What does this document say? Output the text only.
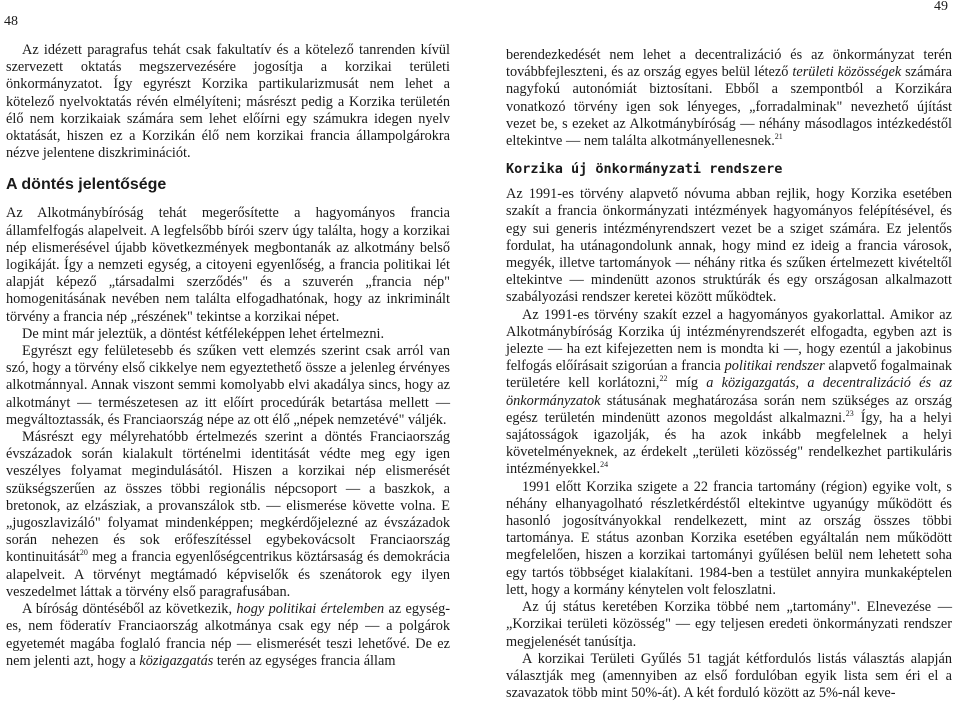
48
49

Az idézett paragrafus tehát csak fakultatív és a kötelező tanrenden kívül szervezett oktatás megszervezésére jogosítja a korzikai területi önkormányzatot. Így egyrészt Korzika partikularizmusát nem lehet a kötelező nyelvoktatás révén elmélyíteni; másrészt pedig a Korzika területén élő nem korzikaiak számára sem lehet előírni egy számukra idegen nyelv oktatását, hiszen ez a Korzikán élő nem korzikai francia állampolgárokra nézve jelentene diszkriminációt.

A döntés jelentősége

Az Alkotmánybíróság tehát megerősítette a hagyományos francia államfelfogás alapelveit. A legfelsőbb bírói szerv úgy találta, hogy a korzikai nép elismerésével újabb következmények megbontanák az alkotmány belső logikáját. Így a nemzeti egység, a citoyeni egyenlőség, a francia politikai lét alapját képező „társadalmi szerződés" és a szuverén „francia nép" homogenitásának nevében nem találta elfogadhatónak, hogy az inkriminált törvény a francia nép „részének" tekintse a korzikai népet.

De mint már jeleztük, a döntést kétféleképpen lehet értelmezni.

Egyrészt egy felületesebb és szűken vett elemzés szerint csak arról van szó, hogy a törvény első cikkelye nem egyeztethető össze a jelenleg érvényes alkotmánnyal. Annak viszont semmi komolyabb elvi akadálya sincs, hogy az alkotmányt — természetesen az itt előírt procedúrák betartása mellett — megváltoztassák, és Franciaország népe az ott élő „népek nemzetévé" váljék.

Másrészt egy mélyrehatóbb értelmezés szerint a döntés Franciaország évszázadok során kialakult történelmi identitását védte meg egy igen veszélyes folyamat megindulásától. Hiszen a korzikai nép elismerését szükségszerűen az összes többi regionális népcsoport — a baszkok, a bretonok, az elzásziak, a provanszálok stb. — elismerése követte volna. E „jugoszlavizáló" folyamat mindenképpen; megkérdőjelezné az évszázadok során nehezen és sok erőfeszítéssel egybekovácsolt Franciaország kontinuitását$^{20}$ meg a francia egyenlőségcentrikus köztársaság és demokrácia alapelveit. A törvényt megtámadó képviselők és szenátorok egy ilyen veszedelmet láttak a törvény első paragrafusában.

A bíróság döntéséből az következik, hogy politikai értelemben az egység-es, nem föderatív Franciaország alkotmánya csak egy nép — a polgárok egyetemét magába foglaló francia nép — elismerését teszi lehetővé. De ez nem jelenti azt, hogy a közigazgatás terén az egységes francia állam

berendezkedését nem lehet a decentralizáció és az önkormányzat terén továbbfejleszteni, és az ország egyes belül létező területi közösségek számára nagyfokú autonómiát biztosítani. Ebből a szempontból a Korzikára vonatkozó törvény igen sok lényeges, „forradalminak" nevezhető újítást vezet be, s ezeket az Alkotmánybíróság — néhány másodlagos intézkedéstől eltekintve — nem találta alkotmányellenesnek.$^{21}$

Korzika új önkormányzati rendszere

Az 1991-es törvény alapvető nóvuma abban rejlik, hogy Korzika esetében szakít a francia önkormányzati intézmények hagyományos felépítésével, és egy sui generis intézményrendszert vezet be a sziget számára. Ez jelentős fordulat, ha utánagondolunk annak, hogy mind ez ideig a francia városok, megyék, illetve tartományok — néhány ritka és szűken értelmezett kivételtől eltekintve — mindenütt azonos struktúrák és egy országosan alkalmazott szabályozási rendszer keretei között működtek.

Az 1991-es törvény szakít ezzel a hagyományos gyakorlattal. Amikor az Alkotmánybíróság Korzika új intézményrendszerét elfogadta, egyben azt is jelezte — ha ezt kifejezetten nem is mondta ki —, hogy ezentúl a jakobinus felfogás előírásait szigorúan a francia politikai rendszer alapvető fogalmainak területére kell korlátozni,$^{22}$ míg a közigazgatás, a decentralizáció és az önkormányzatok státusának meghatározása során nem szükséges az ország egész területén mindenütt azonos megoldást alkalmazni.$^{23}$ Így, ha a helyi sajátosságok igazolják, és ha azok inkább megfelelnek a helyi követelményeknek, az érdekelt „területi közösség" rendelkezhet partikuláris intézményekkel.$^{24}$

1991 előtt Korzika szigete a 22 francia tartomány (région) egyike volt, s néhány elhanyagolható részletkérdéstől eltekintve ugyanúgy működött és hasonló jogosítványokkal rendelkezett, mint az ország összes többi tartománya. E státus azonban Korzika esetében egyáltalán nem működött megfelelően, hiszen a korzikai tartományi gyűlésen belül nem lehetett soha egy tartós többséget kialakítani. 1984-ben a testület annyira munkaképtelen lett, hogy a kormány kénytelen volt feloszlatni.

Az új státus keretében Korzika többé nem „tartomány". Elnevezése — „Korzikai területi közösség" — egy teljesen eredeti önkormányzati rendszer megjelenését tanúsítja.

A korzikai Területi Gyűlés 51 tagját kétfordulós listás választás alapján választják meg (amennyiben az első fordulóban egyik lista sem éri el a szavazatok több mint 50%-át). A két forduló között az 5%-nál keve-
